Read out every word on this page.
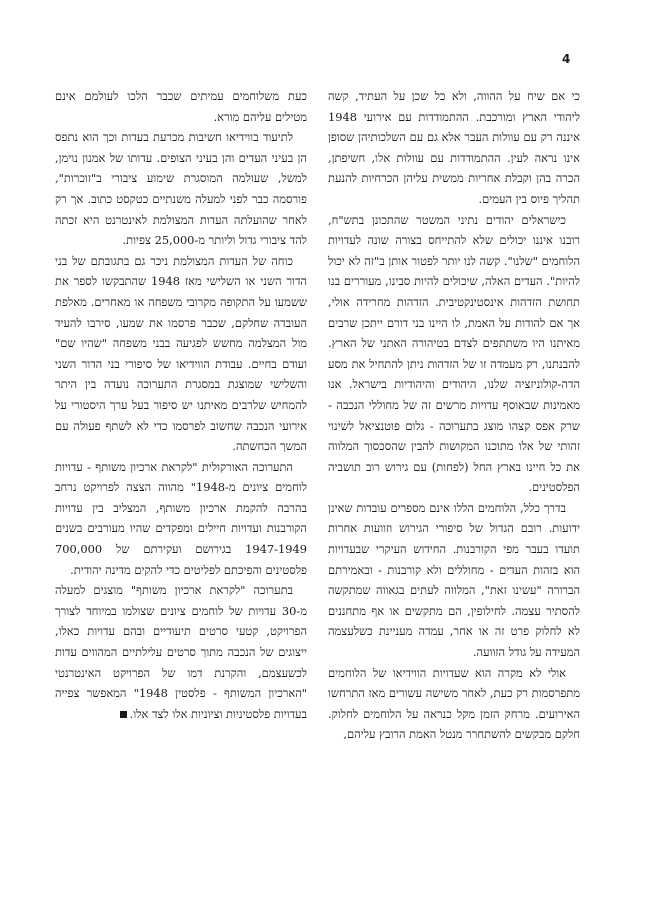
4

כי אם שיח על ההווה, ולא כל שכן על העתיד, קשה ליהודי הארץ ומורכבת. ההתמודדות עם אירועי 1948 איננה רק עם עוולות העבר אלא גם עם השלכותיהן שסופן אינו נראה לעין. ההתמודדות עם עוולות אלו, חשיפתן, הכרה בהן וקבלת אחריות ממשית עליהן הכרחיות להנעת תהליך פיוס בין העמים.

כישראלים יהודים נתיני המשטר שהתכונן בתש"ח, רובנו איננו יכולים שלא להתייחס בצורה שונה לעדויות הלוחמים "שלנו". קשה לנו יותר לפטור אותן ב"זה לא יכול להיות". העדים האלה, שיכולים להיות סבינו, מעוררים בנו תחושת הזדהות אינסטינקטיבית. הזדהות מחרידה אולי, אך אם להודות על האמת, לו היינו בני דורם ייתכן שרבים מאיתנו היו משתתפים לצדם בטיהורה האתני של הארץ. להבנתנו, רק מעמדה זו של הזדהות ניתן להתחיל את מסע הדה-קולוניזציה שלנו, היהודים והיהודיות בישראל. אנו מאמינות שבאוסף עדויות מרשים זה של מחוללי הנכבה - שרק אפס קצהו מוצג בתערוכה - גלום פוטנציאל לשינוי זהותי של אלו מתוכנו המקושות להבין שהסכסוך המלווה את כל חיינו בארץ החל (לפחות) עם גירוש רוב תושביה הפלסטינים.

בדרך כלל, הלוחמים הללו אינם מספרים עובדות שאינן ידועות. רובם הגדול של סיפורי הגירוש וזוועות אחרות תועדו בעבר מפי הקורבנות. החידוש העיקרי שבעדויות הוא בזהות העדים - מחוללים ולא קורבנות - ובאמירתם הברורה "עשינו זאת", המלווה לעתים בגאווה שמתקשה להסתיר עצמה. לחילופין, הם מתקשים או אף מתחננים לא לחלוק פרט זה או אחר, עמדה מעניינת כשלעצמה המעידה על גודל הזוועה.

אולי לא מקרה הוא שעדויות הווידיאו של הלוחמים מתפרסמות רק כעת, לאחר משישה עשורים מאז התרחשו האירועים. מרחק הזמן מקל כנראה על הלוחמים לחלוק. חלקם מבקשים להשתחרר מנטל האמת הרובץ עליהם,

כעת משלוחמים עמיתים שכבר הלכו לעולמם אינם מטילים עליהם מורא.

לתיעוד בווידיאו חשיבות מכרעת בעדות וכך הוא נתפס הן בעיני העדים והן בעיני הצופים. עדותו של אמנון נוימן, למשל, שעולמה המוסגרת שימוע ציבורי ב"זוכרות", פורסמה כבר לפני למעלה משנתיים כטקסט כתוב. אך רק לאחר שהועלתה העדות המצולמת לאינטרנט היא זכתה להד ציבורי גדול וליותר מ-25,000 צפיות.

כוחה של העדות המצולמת ניכר גם בתגובתם של בני הדור השני או השלישי מאז 1948 שהתבקשו לספר את ששמעו על התקופה מקרובי משפחה או מאחרים. מאלפת העובדה שחלקם, שכבר פרסמו את שמעו, סירבו להעיד מול המצלמה מחשש לפגיעה בבני משפחה "שהיו שם" ועודם בחיים. עבודת הווידיאו של סיפורי בני הדור השני והשלישי שמוצגת במסגרת התערוכה נועדה בין היתר להמחיש שלרבים מאיתנו יש סיפור בעל ערך היסטורי על אירועי הנכבה שחשוב לפרסמו כדי לא לשתף פעולה עם המשך הכחשתה.

התערוכה האורקולית "לקראת ארכיון משותף - עדויות לוחמים ציונים מ-1948" מהווה הצצה לפרויקט נרחב בהרבה להקמת ארכיון משותף, המצליב בין עדויות הקורבנות ועדויות חיילים ומפקדים שהיו מעורבים בשנים 1947-1949 בגירושם ועקירתם של 700,000 פלסטינים והפיכתם לפליטים כדי להקים מדינה יהודית.

בתערוכה "לקראת ארכיון משותף" מוצגים למעלה מ-30 עדויות של לוחמים ציונים שצולמו במיוחד לצורך הפרויקט, קטעי סרטים תיעודיים ובהם עדויות כאלו, ייצוגים של הנכבה מתוך סרטים עלילתיים המהווים עדות לכשעצמם, והקרנת דמו של הפרויקט האינטרנטי "הארכיון המשותף - פלסטין 1948" המאפשר צפייה בעדויות פלסטיניות וציוניות אלו לצד אלו.
